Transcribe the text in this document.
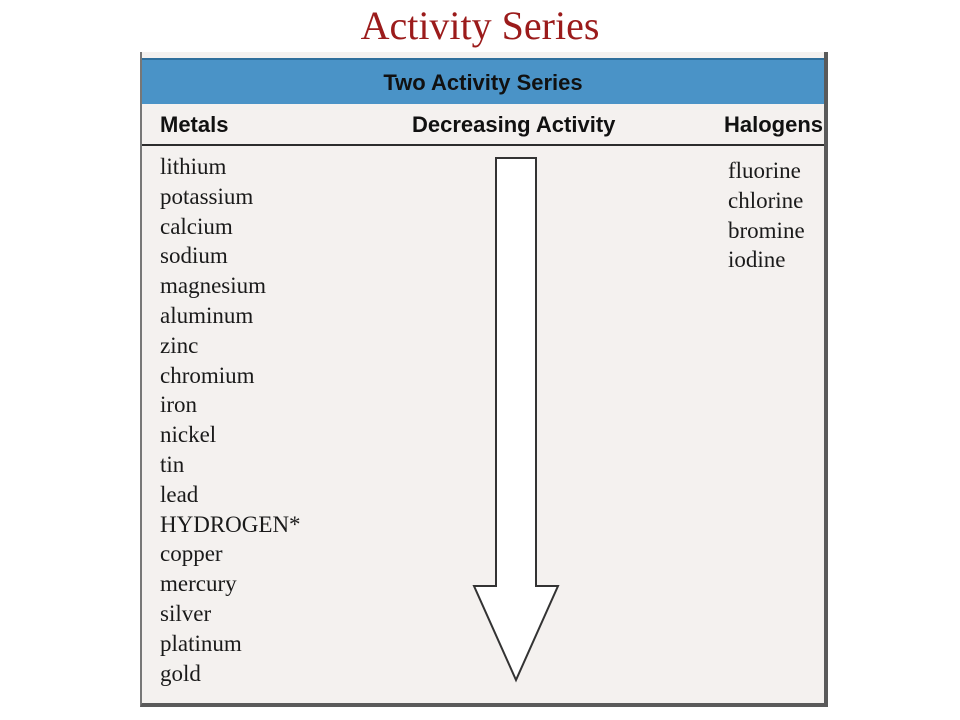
Activity Series
Two Activity Series
Metals	Decreasing Activity	Halogens
lithium
potassium
calcium
sodium
magnesium
aluminum
zinc
chromium
iron
nickel
tin
lead
HYDROGEN*
copper
mercury
silver
platinum
gold
fluorine
chlorine
bromine
iodine
